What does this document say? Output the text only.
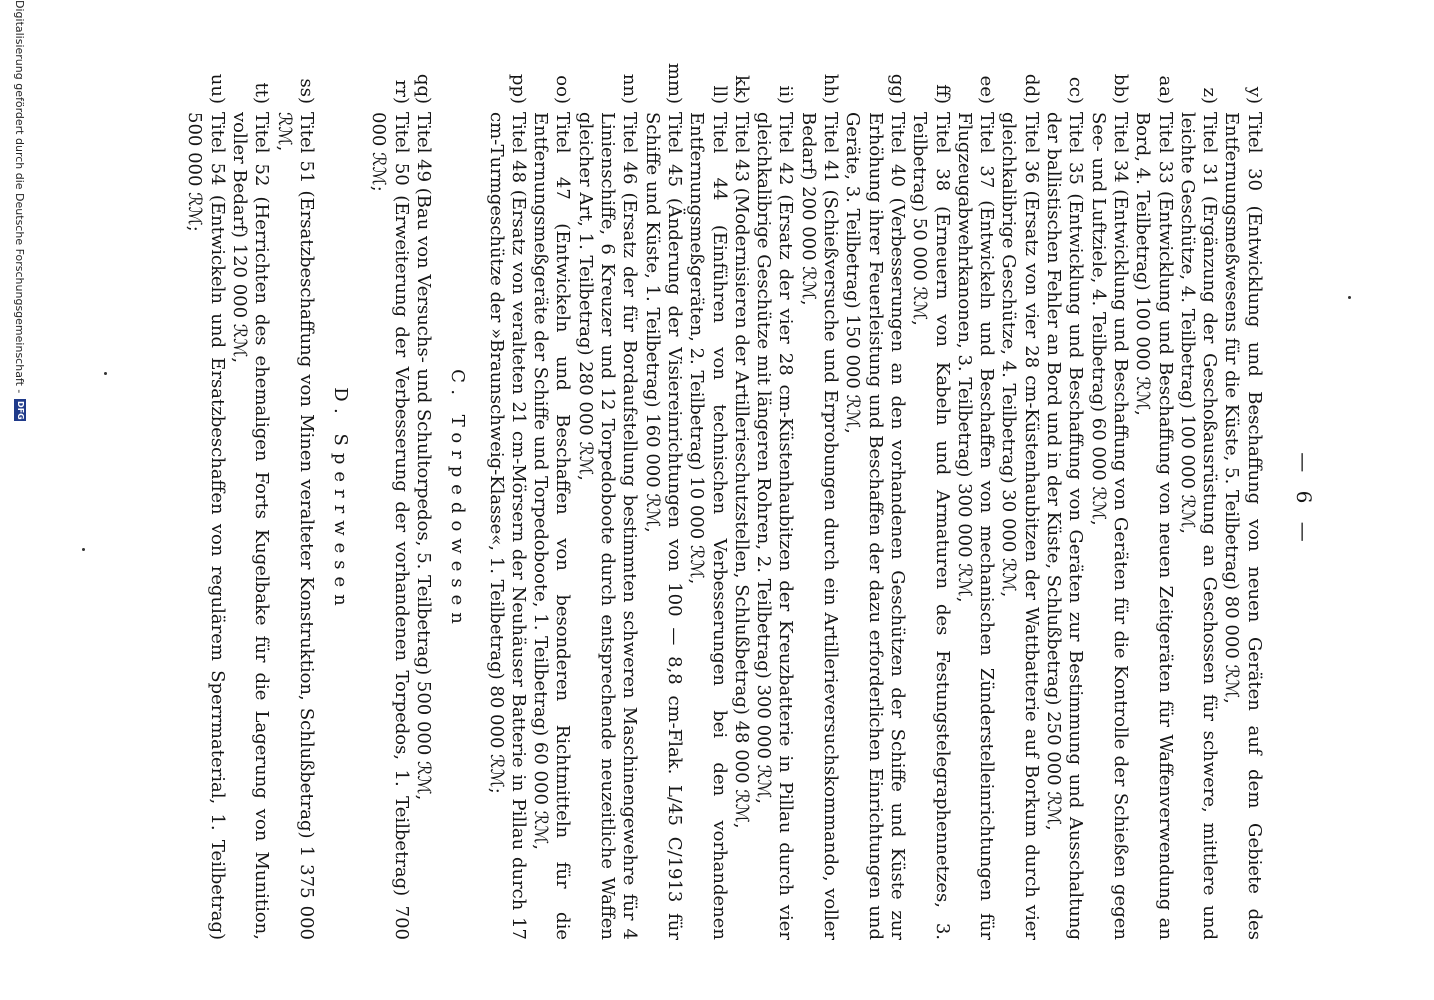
— 6 —
y)
Titel 30 (Entwicklung und Beschaffung von neuen Geräten auf dem Gebiete des Entfernungsmeßwesens für die Küste, 5. Teilbetrag) 80 000 ℛℳ,
z)
Titel 31 (Ergänzung der Geschoßausrüstung an Geschossen für schwere, mittlere und leichte Geschütze, 4. Teilbetrag) 100 000 ℛℳ,
aa)
Titel 33 (Entwicklung und Beschaffung von neuen Zeitgeräten für Waffenverwendung an Bord, 4. Teilbetrag) 100 000 ℛℳ,
bb)
Titel 34 (Entwicklung und Beschaffung von Geräten für die Kontrolle der Schießen gegen See- und Luftziele, 4. Teilbetrag) 60 000 ℛℳ,
cc)
Titel 35 (Entwicklung und Beschaffung von Geräten zur Bestimmung und Ausschaltung der ballistischen Fehler an Bord und in der Küste, Schlußbetrag) 250 000 ℛℳ,
dd)
Titel 36 (Ersatz von vier 28 cm-Küstenhaubitzen der Wattbatterie auf Borkum durch vier gleichkalibrige Geschütze, 4. Teilbetrag) 30 000 ℛℳ,
ee)
Titel 37 (Entwickeln und Beschaffen von mechanischen Zünderstelleinrichtungen für Flugzeugabwehrkanonen, 3. Teilbetrag) 300 000 ℛℳ,
ff)
Titel 38 (Erneuern von Kabeln und Armaturen des Festungstelegraphennetzes, 3. Teilbetrag) 50 000 ℛℳ,
gg)
Titel 40 (Verbesserungen an den vorhandenen Geschützen der Schiffe und Küste zur Erhöhung ihrer Feuerleistung und Beschaffen der dazu erforderlichen Einrichtungen und Geräte, 3. Teilbetrag) 150 000 ℛℳ,
hh)
Titel 41 (Schießversuche und Erprobungen durch ein Artillerieversuchskommando, voller Bedarf) 200 000 ℛℳ,
ii)
Titel 42 (Ersatz der vier 28 cm-Küstenhaubitzen der Kreuzbatterie in Pillau durch vier gleichkalibrige Geschütze mit längeren Rohren, 2. Teilbetrag) 300 000 ℛℳ,
kk)
Titel 43 (Modernisieren der Artillerieschutzstellen, Schlußbetrag) 48 000 ℛℳ,
ll)
Titel 44 (Einführen von technischen Verbesserungen bei den vorhandenen Entfernungsmeßgeräten, 2. Teilbetrag) 10 000 ℛℳ,
mm)
Titel 45 (Änderung der Visiereinrichtungen von 100 — 8,8 cm-Flak. L/45 C/1913 für Schiffe und Küste, 1. Teilbetrag) 160 000 ℛℳ,
nn)
Titel 46 (Ersatz der für Bordaufstellung bestimmten schweren Maschinengewehre für 4 Linienschiffe, 6 Kreuzer und 12 Torpedoboote durch entsprechende neuzeitliche Waffen gleicher Art, 1. Teilbetrag) 280 000 ℛℳ,
oo)
Titel 47 (Entwickeln und Beschaffen von besonderen Richtmitteln für die Entfernungsmeßgeräte der Schiffe und Torpedoboote, 1. Teilbetrag) 60 000 ℛℳ,
pp)
Titel 48 (Ersatz von veralteten 21 cm-Mörsern der Neuhäuser Batterie in Pillau durch 17 cm-Turmgeschütze der »Braunschweig-Klasse«, 1. Teilbetrag) 80 000 ℛℳ;
C. Torpedowesen
qq)
Titel 49 (Bau von Versuchs- und Schultorpedos, 5. Teilbetrag) 500 000 ℛℳ,
rr)
Titel 50 (Erweiterung der Verbesserung der vorhandenen Torpedos, 1. Teilbetrag) 700 000 ℛℳ;
D. Sperrwesen
ss)
Titel 51 (Ersatzbeschaffung von Minen veralteter Konstruktion, Schlußbetrag) 1 375 000 ℛℳ,
tt)
Titel 52 (Herrichten des ehemaligen Forts Kugelbake für die Lagerung von Munition, voller Bedarf) 120 000 ℛℳ,
uu)
Titel 54 (Entwickeln und Ersatzbeschaffen von regulärem Sperrmaterial, 1. Teilbetrag) 500 000 ℛℳ;
Digitalisierung gefördert durch die Deutsche Forschungsgemeinschaft -
DFG
